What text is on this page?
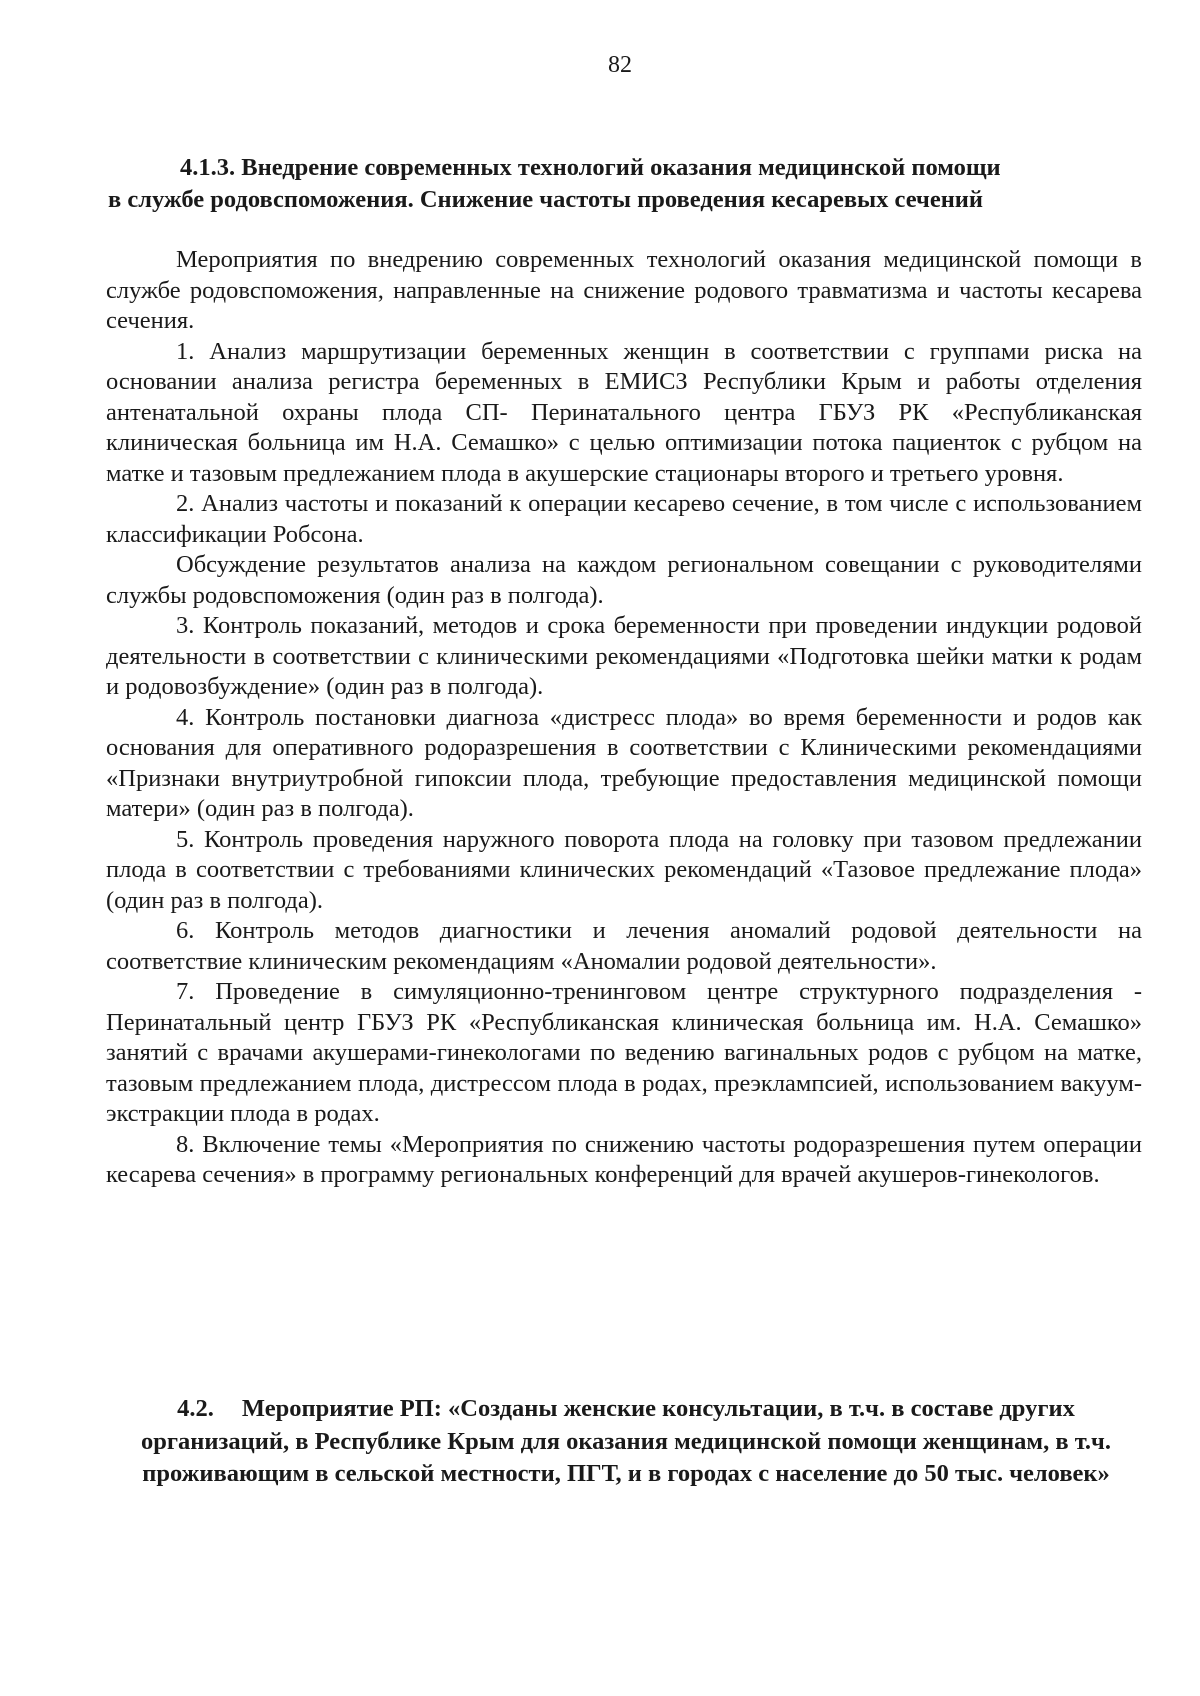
82
4.1.3. Внедрение современных технологий оказания медицинской помощи
в службе родовспоможения. Снижение частоты проведения кесаревых сечений

Мероприятия по внедрению современных технологий оказания медицинской помощи в службе родовспоможения, направленные на снижение родового травматизма и частоты кесарева сечения.

1. Анализ маршрутизации беременных женщин в соответствии с группами риска на основании анализа регистра беременных в ЕМИСЗ Республики Крым и работы отделения антенатальной охраны плода СП- Перинатального центра ГБУЗ РК «Республиканская клиническая больница им Н.А. Семашко» с целью оптимизации потока пациенток с рубцом на матке и тазовым предлежанием плода в акушерские стационары второго и третьего уровня.

2. Анализ частоты и показаний к операции кесарево сечение, в том числе с использованием классификации Робсона.

Обсуждение результатов анализа на каждом региональном совещании с руководителями службы родовспоможения (один раз в полгода).

3. Контроль показаний, методов и срока беременности при проведении индукции родовой деятельности в соответствии с клиническими рекомендациями «Подготовка шейки матки к родам и родовозбуждение» (один раз в полгода).

4. Контроль постановки диагноза «дистресс плода» во время беременности и родов как основания для оперативного родоразрешения в соответствии с Клиническими рекомендациями «Признаки внутриутробной гипоксии плода, требующие предоставления медицинской помощи матери» (один раз в полгода).

5. Контроль проведения наружного поворота плода на головку при тазовом предлежании плода в соответствии с требованиями клинических рекомендаций «Тазовое предлежание плода» (один раз в полгода).

6. Контроль методов диагностики и лечения аномалий родовой деятельности на соответствие клиническим рекомендациям «Аномалии родовой деятельности».

7. Проведение в симуляционно-тренинговом центре структурного подразделения - Перинатальный центр ГБУЗ РК «Республиканская клиническая больница им. Н.А. Семашко» занятий с врачами акушерами-гинекологами по ведению вагинальных родов с рубцом на матке, тазовым предлежанием плода, дистрессом плода в родах, преэклампсией, использованием вакуум-экстракции плода в родах.

8. Включение темы «Мероприятия по снижению частоты родоразрешения путем операции кесарева сечения» в программу региональных конференций для врачей акушеров-гинекологов.

4.2. Мероприятие РП: «Созданы женские консультации, в т.ч. в составе других организаций, в Республике Крым для оказания медицинской помощи женщинам, в т.ч. проживающим в сельской местности, ПГТ, и в городах с население до 50 тыс. человек»
